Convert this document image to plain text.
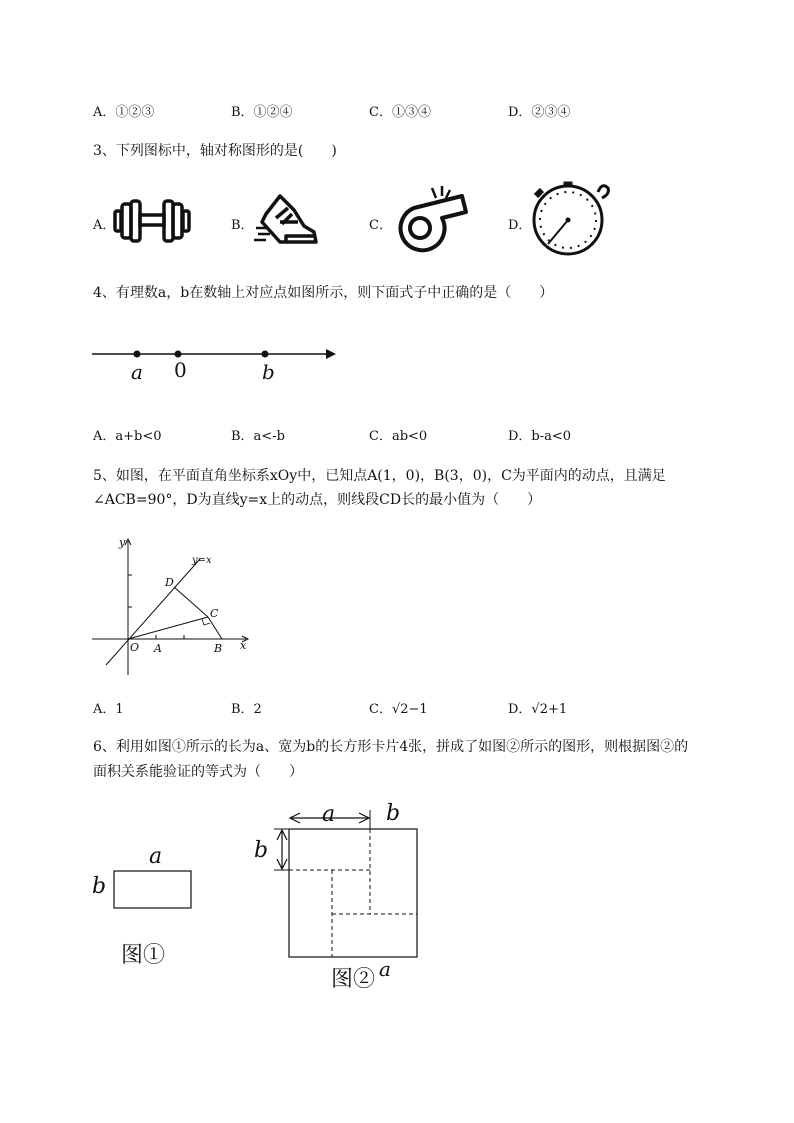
A．①②③	B．①②④	C．①③④	D．②③④
3、下列图标中，轴对称图形的是(　　)
A．	B．	C．	D．
4、有理数a，b在数轴上对应点如图所示，则下面式子中正确的是（　　）
a 0	b
A．a+b<0	B．a<-b	C．ab<0	D．b-a<0
5、如图，在平面直角坐标系xOy中，已知点A(1，0)，B(3，0)，C为平面内的动点，且满足
∠ACB=90°，D为直线y=x上的动点，则线段CD长的最小值为（　　）
y
y=x
D
C
x
O A	B
A．1	B．2	C．√2−1	D．√2+1
6、利用如图①所示的长为a、宽为b的长方形卡片4张，拼成了如图②所示的图形，则根据图②的
面积关系能验证的等式为（　　）
a
b
图①
a b
b
图② a
